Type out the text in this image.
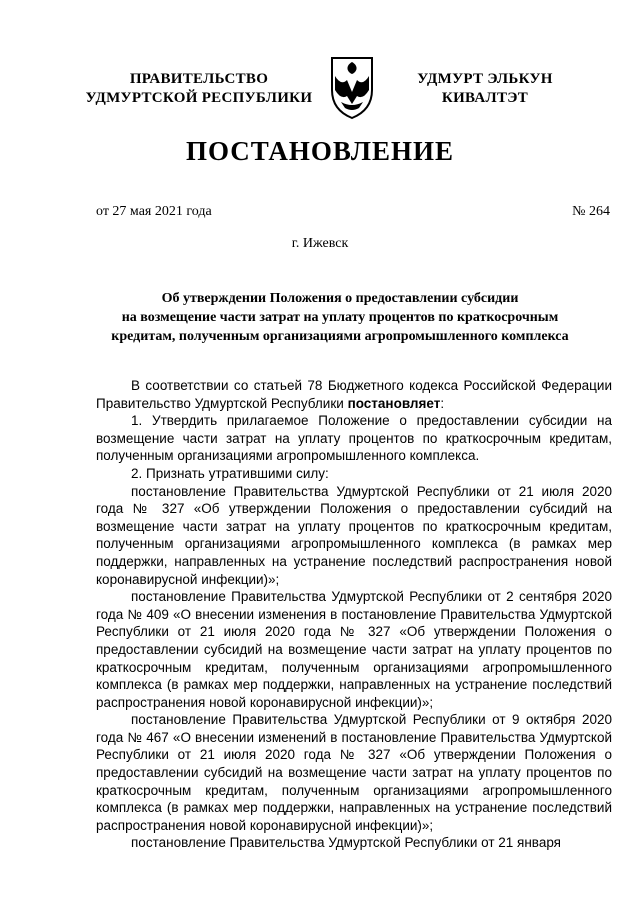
ПРАВИТЕЛЬСТВО
УДМУРТСКОЙ РЕСПУБЛИКИ
УДМУРТ ЭЛЬКУН
КИВАЛТЭТ
ПОСТАНОВЛЕНИЕ
от 27 мая 2021 года	№ 264
г. Ижевск
Об утверждении Положения о предоставлении субсидии
на возмещение части затрат на уплату процентов по краткосрочным
кредитам, полученным организациями агропромышленного комплекса

В соответствии со статьей 78 Бюджетного кодекса Российской Федерации Правительство Удмуртской Республики постановляет:

1. Утвердить прилагаемое Положение о предоставлении субсидии на возмещение части затрат на уплату процентов по краткосрочным кредитам, полученным организациями агропромышленного комплекса.

2. Признать утратившими силу:

постановление Правительства Удмуртской Республики от 21 июля 2020 года № 327 «Об утверждении Положения о предоставлении субсидий на возмещение части затрат на уплату процентов по краткосрочным кредитам, полученным организациями агропромышленного комплекса (в рамках мер поддержки, направленных на устранение последствий распространения новой коронавирусной инфекции)»;

постановление Правительства Удмуртской Республики от 2 сентября 2020 года № 409 «О внесении изменения в постановление Правительства Удмуртской Республики от 21 июля 2020 года № 327 «Об утверждении Положения о предоставлении субсидий на возмещение части затрат на уплату процентов по краткосрочным кредитам, полученным организациями агропромышленного комплекса (в рамках мер поддержки, направленных на устранение последствий распространения новой коронавирусной инфекции)»;

постановление Правительства Удмуртской Республики от 9 октября 2020 года № 467 «О внесении изменений в постановление Правительства Удмуртской Республики от 21 июля 2020 года № 327 «Об утверждении Положения о предоставлении субсидий на возмещение части затрат на уплату процентов по краткосрочным кредитам, полученным организациями агропромышленного комплекса (в рамках мер поддержки, направленных на устранение последствий распространения новой коронавирусной инфекции)»;

постановление Правительства Удмуртской Республики от 21 января
